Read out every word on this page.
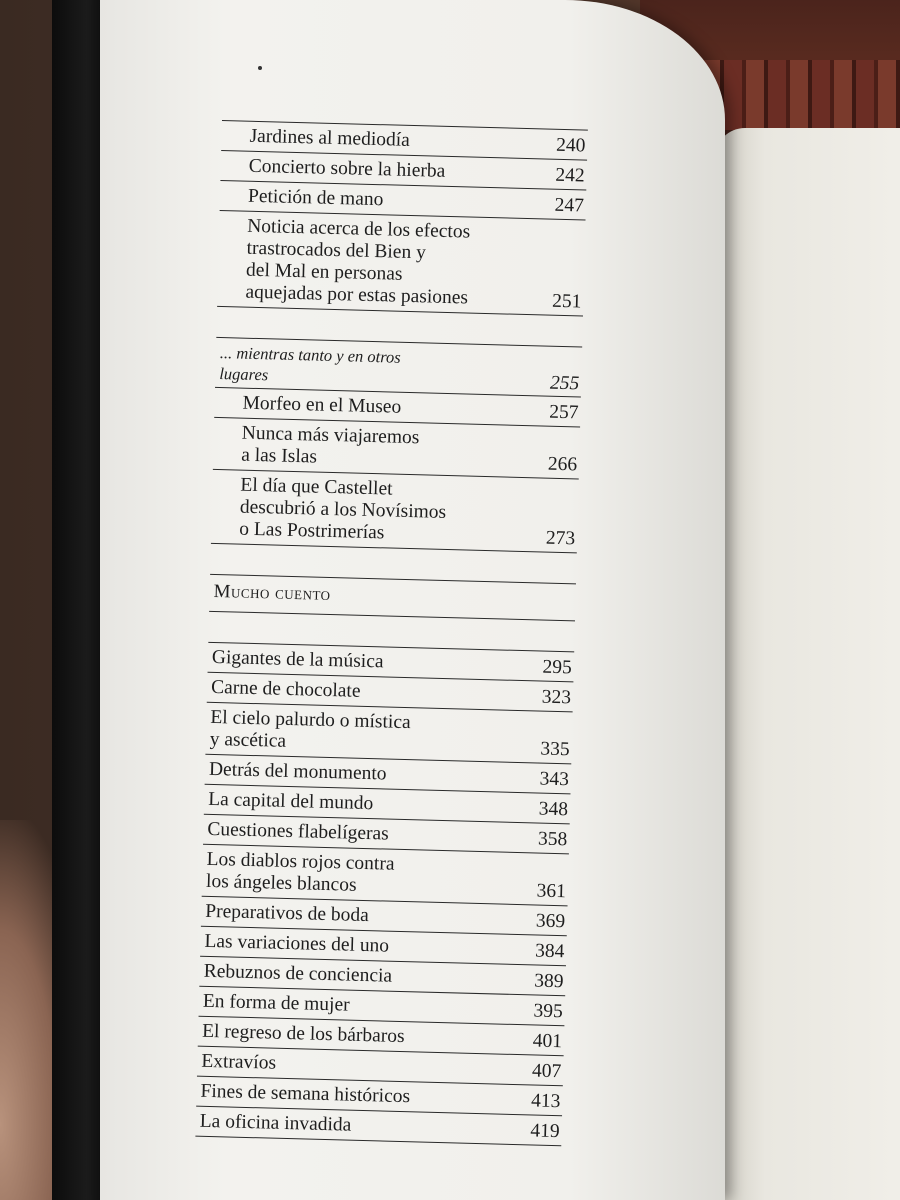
Jardines al mediodía	240
Concierto sobre la hierba	242
Petición de mano	247
Noticia acerca de los efectos
trastrocados del Bien y
del Mal en personas
aquejadas por estas pasiones	251
... mientras tanto y en otros
lugares	255
Morfeo en el Museo	257
Nunca más viajaremos
a las Islas	266
El día que Castellet
descubrió a los Novísimos
o Las Postrimerías	273
Mucho cuento
Gigantes de la música	295
Carne de chocolate	323
El cielo palurdo o mística
y ascética	335
Detrás del monumento	343
La capital del mundo	348
Cuestiones flabelígeras	358
Los diablos rojos contra
los ángeles blancos	361
Preparativos de boda	369
Las variaciones del uno	384
Rebuznos de conciencia	389
En forma de mujer	395
El regreso de los bárbaros	401
Extravíos	407
Fines de semana históricos	413
La oficina invadida	419
